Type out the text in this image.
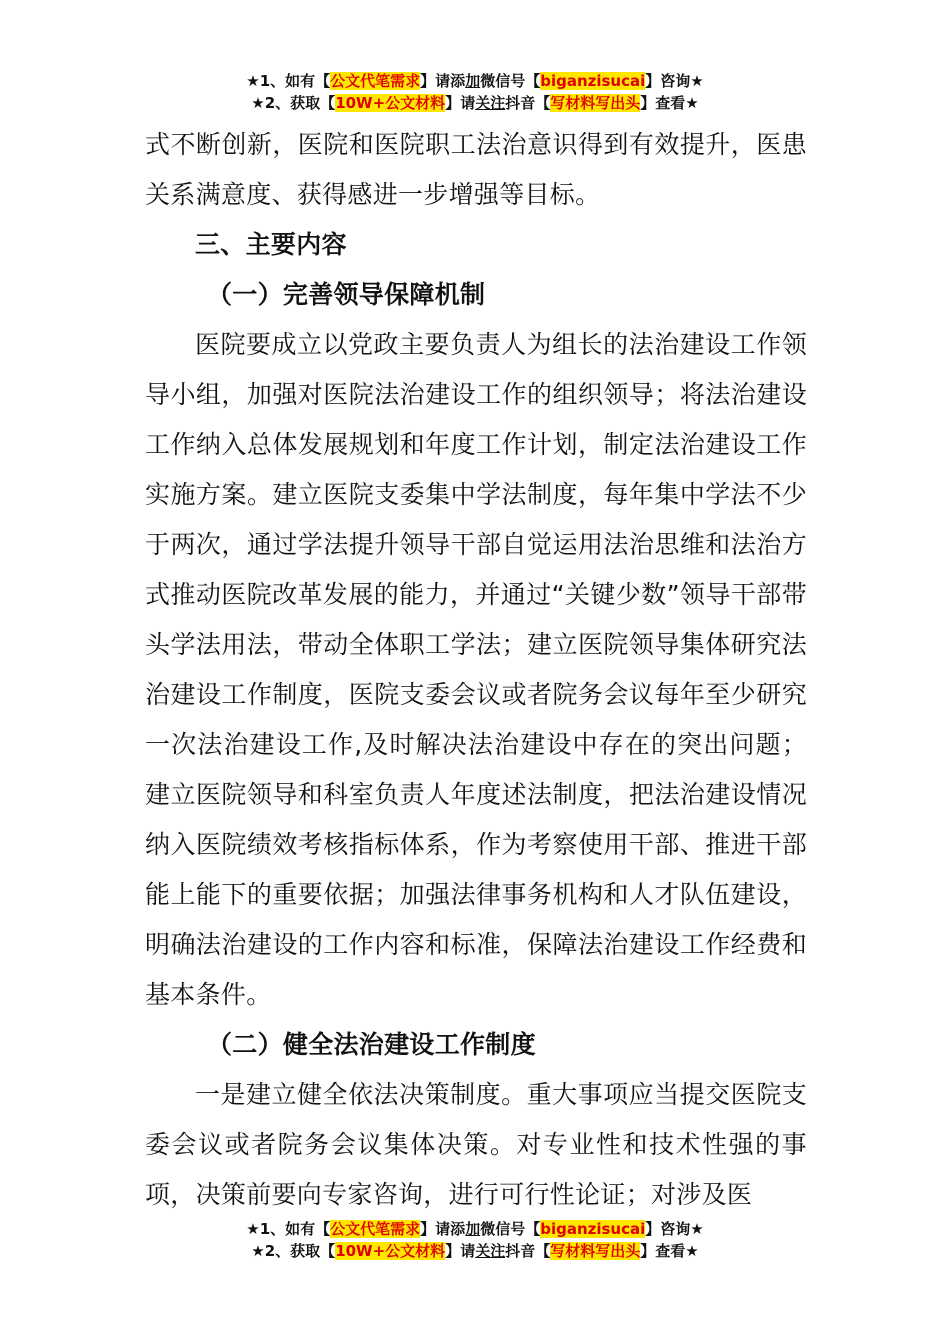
★1、如有【公文代笔需求】请添加微信号【biganzisucai】咨询★
★2、获取【10W+公文材料】请关注抖音【写材料写出头】查看★

式不断创新，医院和医院职工法治意识得到有效提升，医患关系满意度、获得感进一步增强等目标。

三、主要内容

（一）完善领导保障机制

医院要成立以党政主要负责人为组长的法治建设工作领导小组，加强对医院法治建设工作的组织领导；将法治建设工作纳入总体发展规划和年度工作计划，制定法治建设工作实施方案。建立医院支委集中学法制度，每年集中学法不少于两次，通过学法提升领导干部自觉运用法治思维和法治方式推动医院改革发展的能力，并通过“关键少数”领导干部带头学法用法，带动全体职工学法；建立医院领导集体研究法治建设工作制度，医院支委会议或者院务会议每年至少研究一次法治建设工作,及时解决法治建设中存在的突出问题；建立医院领导和科室负责人年度述法制度，把法治建设情况纳入医院绩效考核指标体系，作为考察使用干部、推进干部能上能下的重要依据；加强法律事务机构和人才队伍建设，明确法治建设的工作内容和标准，保障法治建设工作经费和基本条件。

（二）健全法治建设工作制度

一是建立健全依法决策制度。重大事项应当提交医院支委会议或者院务会议集体决策。对专业性和技术性强的事项，决策前要向专家咨询，进行可行性论证；对涉及医

★1、如有【公文代笔需求】请添加微信号【biganzisucai】咨询★
★2、获取【10W+公文材料】请关注抖音【写材料写出头】查看★
